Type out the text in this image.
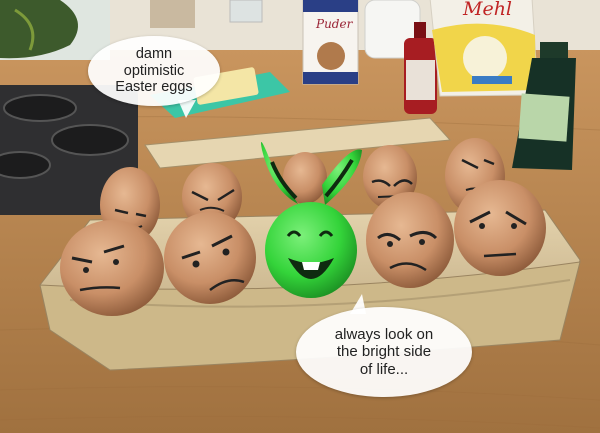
Mehl
Puder
damn
optimistic
Easter eggs
always look on
the bright side
of life...
